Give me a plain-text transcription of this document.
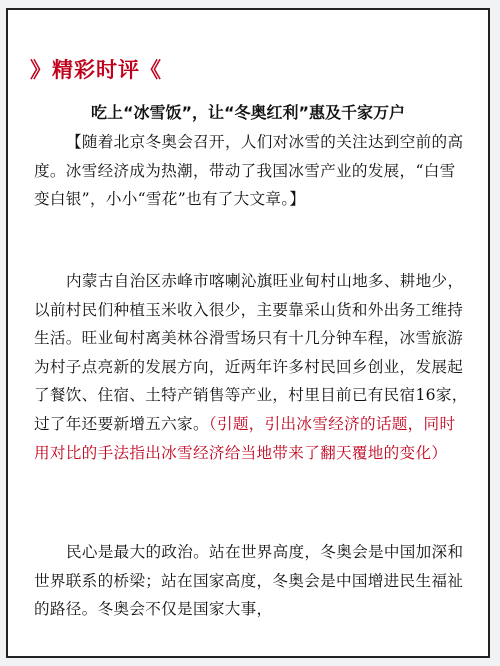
》精彩时评《
吃上“冰雪饭”，让“冬奥红利”惠及千家万户
【随着北京冬奥会召开，人们对冰雪的关注达到空前的高度。冰雪经济成为热潮，带动了我国冰雪产业的发展，“白雪变白银”，小小“雪花”也有了大文章。】
内蒙古自治区赤峰市喀喇沁旗旺业甸村山地多、耕地少，以前村民们种植玉米收入很少，主要靠采山货和外出务工维持生活。旺业甸村离美林谷滑雪场只有十几分钟车程，冰雪旅游为村子点亮新的发展方向，近两年许多村民回乡创业，发展起了餐饮、住宿、土特产销售等产业，村里目前已有民宿16家，过了年还要新增五六家。（引题，引出冰雪经济的话题，同时用对比的手法指出冰雪经济给当地带来了翻天覆地的变化）
民心是最大的政治。站在世界高度，冬奥会是中国加深和世界联系的桥梁；站在国家高度，冬奥会是中国增进民生福祉的路径。冬奥会不仅是国家大事，
